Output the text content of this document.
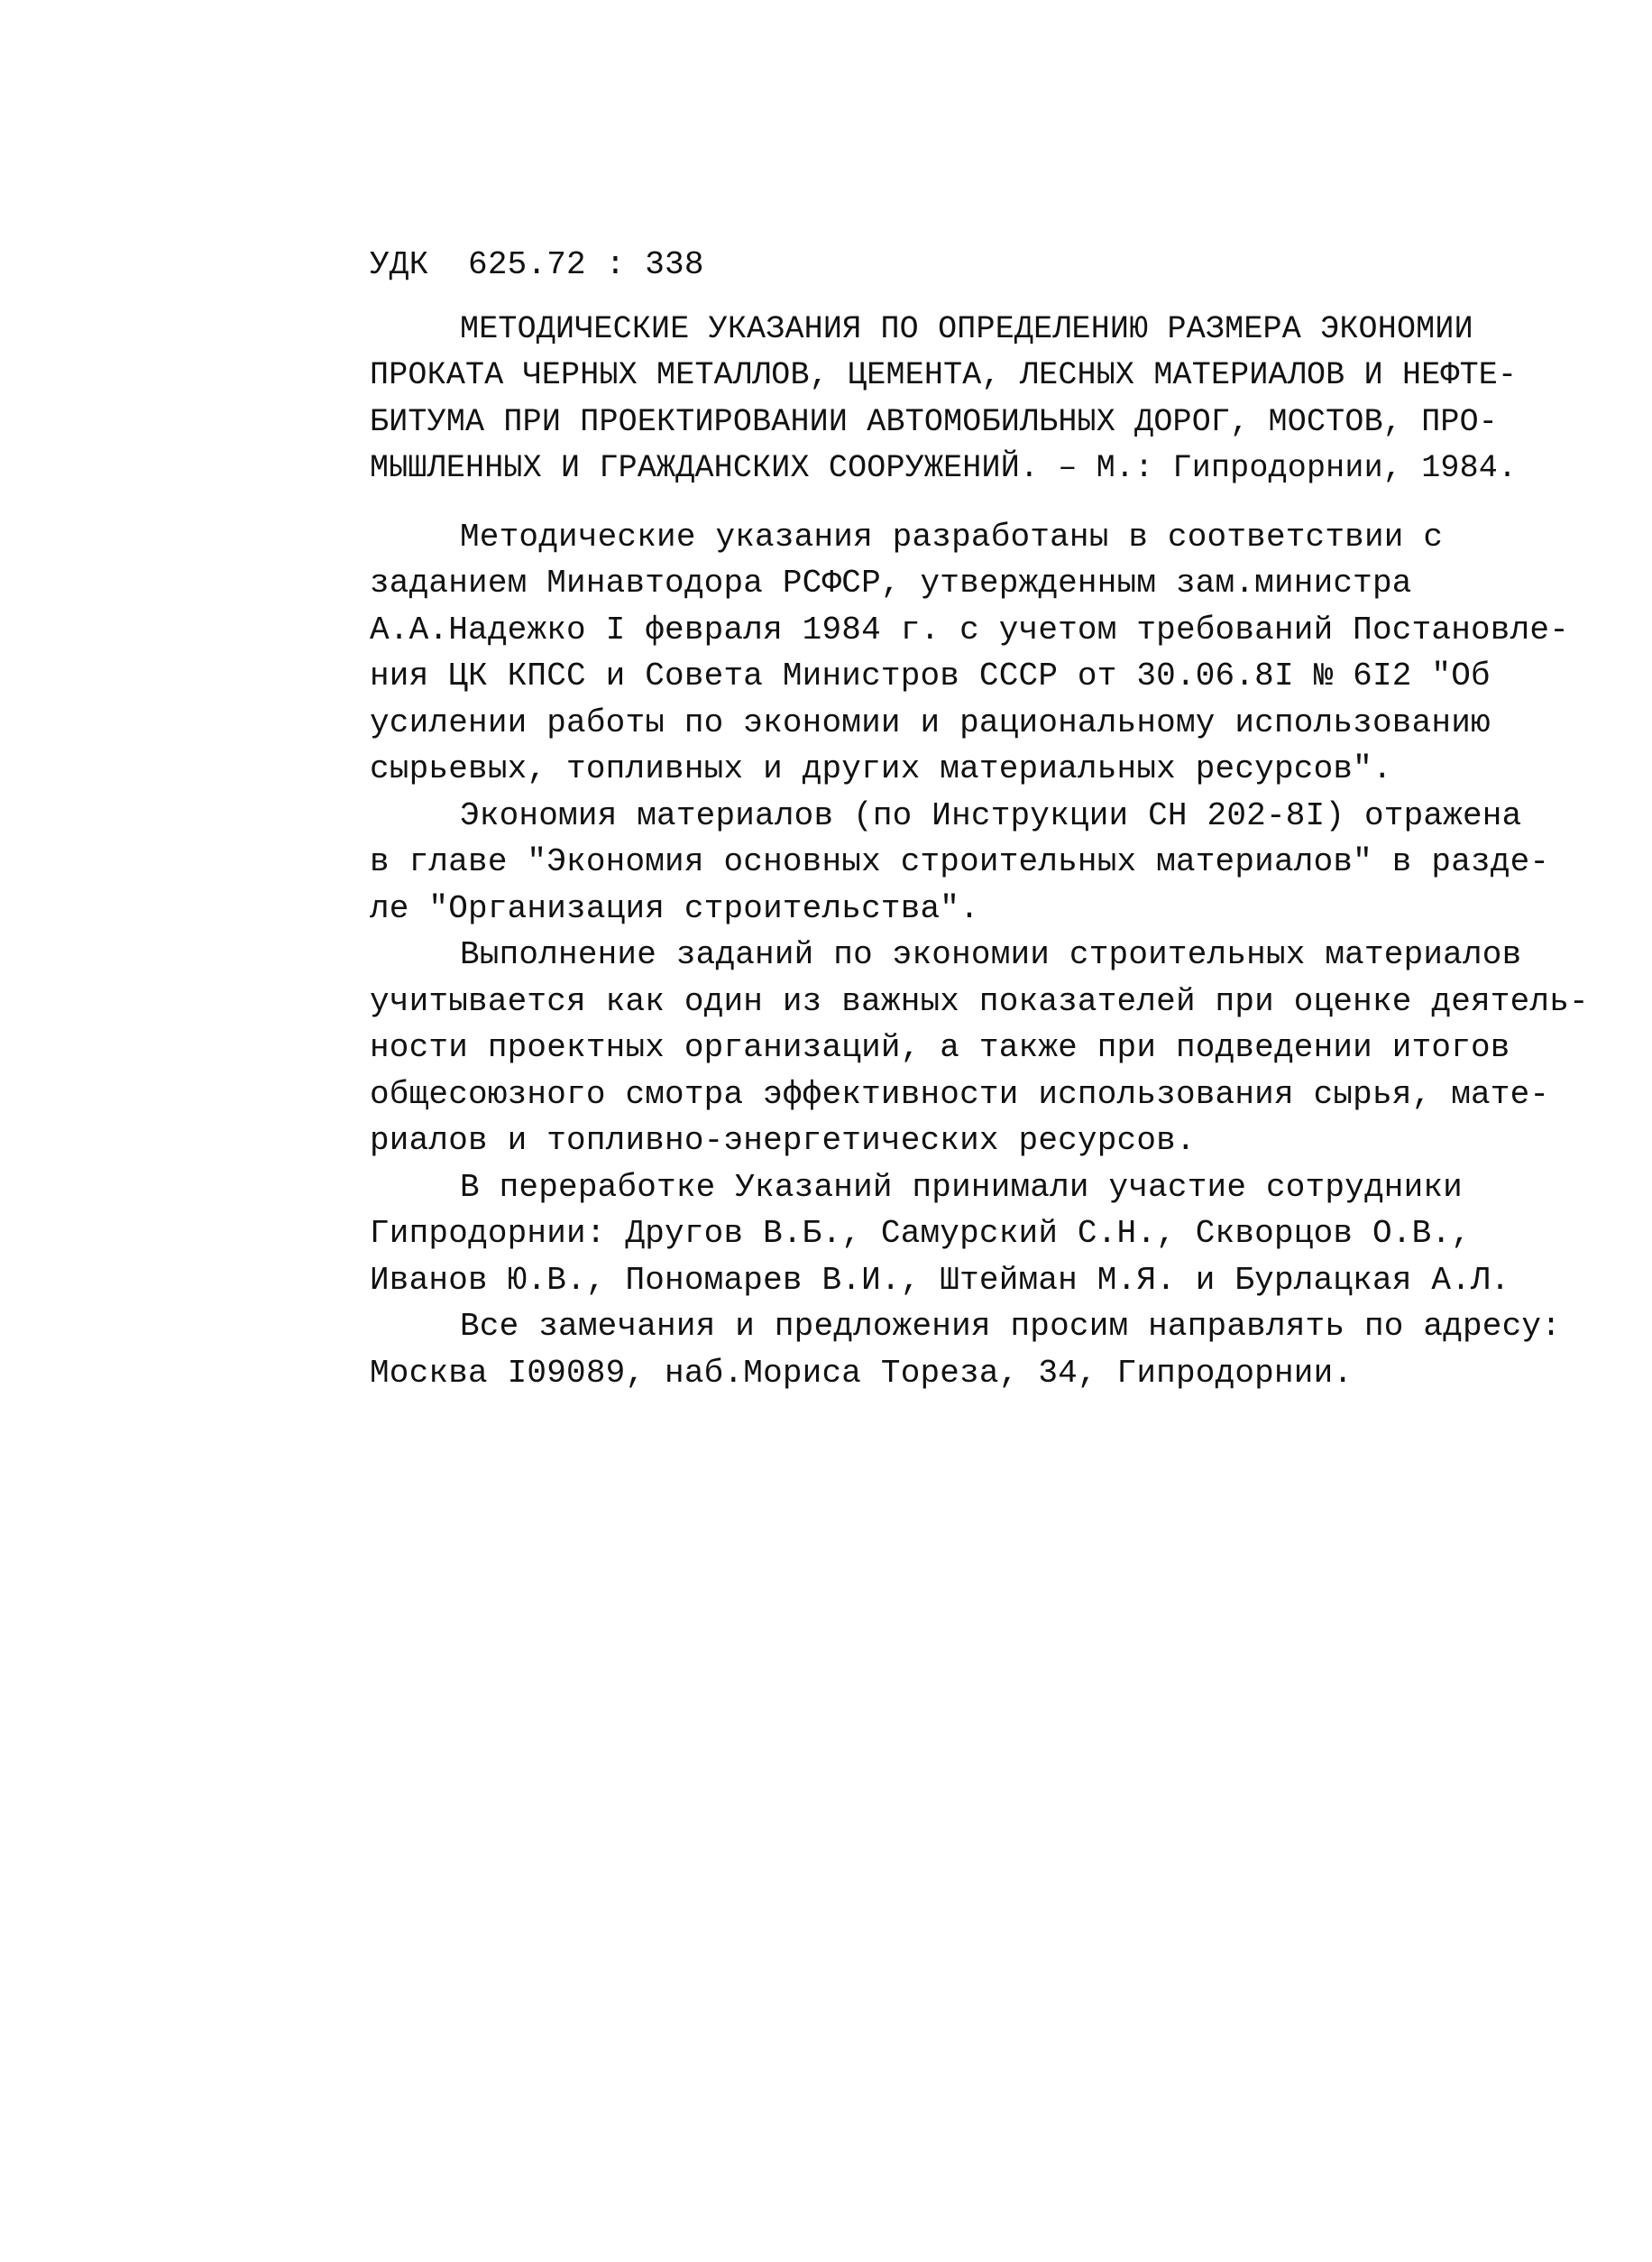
УДК  625.72 : 338
МЕТОДИЧЕСКИЕ УКАЗАНИЯ ПО ОПРЕДЕЛЕНИЮ РАЗМЕРА ЭКОНОМИИ
ПРОКАТА ЧЕРНЫХ МЕТАЛЛОВ, ЦЕМЕНТА, ЛЕСНЫХ МАТЕРИАЛОВ И НЕФТЕ-
БИТУМА ПРИ ПРОЕКТИРОВАНИИ АВТОМОБИЛЬНЫХ ДОРОГ, МОСТОВ, ПРО-
МЫШЛЕННЫХ И ГРАЖДАНСКИХ СООРУЖЕНИЙ. – М.: Гипродорнии, 1984.
Методические указания разработаны в соответствии с
заданием Минавтодора РСФСР, утвержденным зам.министра
А.А.Надежко I февраля 1984 г. с учетом требований Постановле-
ния ЦК КПСС и Совета Министров СССР от 30.06.8I № 6I2 "Об
усилении работы по экономии и рациональному использованию
сырьевых, топливных и других материальных ресурсов".
Экономия материалов (по Инструкции СН 202-8I) отражена
в главе "Экономия основных строительных материалов" в разде-
ле "Организация строительства".
Выполнение заданий по экономии строительных материалов
учитывается как один из важных показателей при оценке деятель-
ности проектных организаций, а также при подведении итогов
общесоюзного смотра эффективности использования сырья, мате-
риалов и топливно-энергетических ресурсов.
В переработке Указаний принимали участие сотрудники
Гипродорнии: Другов В.Б., Самурский С.Н., Скворцов О.В.,
Иванов Ю.В., Пономарев В.И., Штейман М.Я. и Бурлацкая А.Л.
Все замечания и предложения просим направлять по адресу:
Москва I09089, наб.Мориса Тореза, 34, Гипродорнии.
